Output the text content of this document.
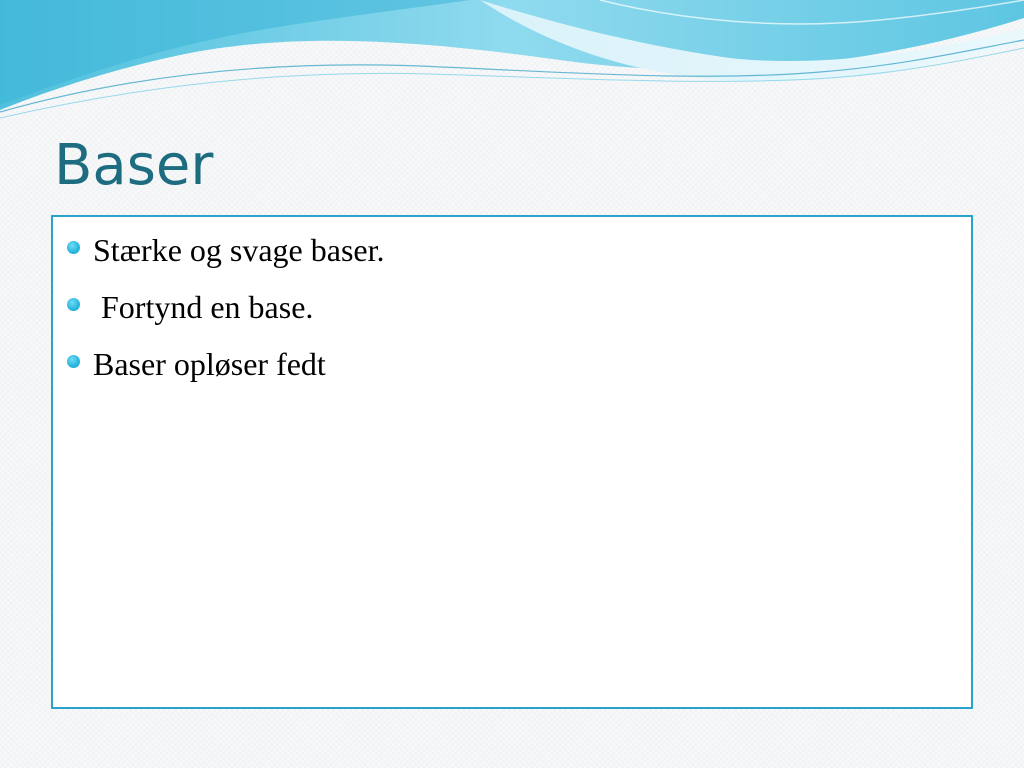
Baser
Stærke og svage baser.
Fortynd en base.
Baser opløser fedt
